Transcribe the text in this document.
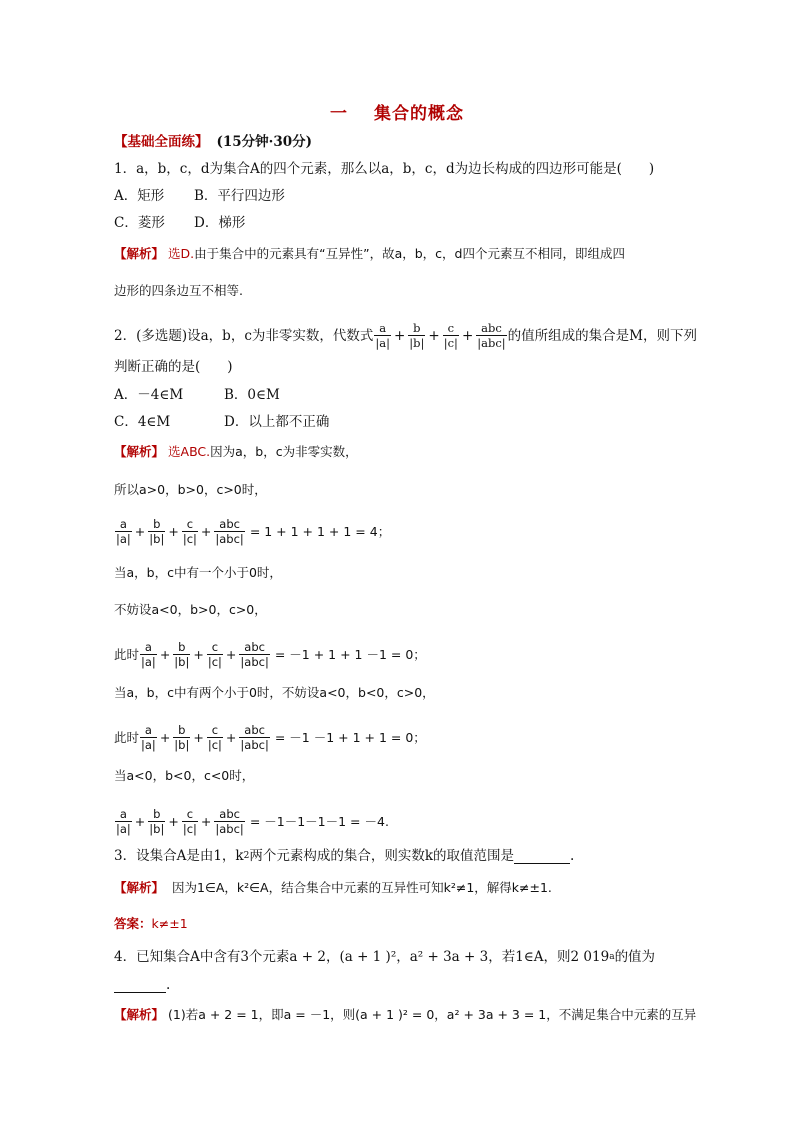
一 集合的概念
【基础全面练】 (15分钟·30分)
1．a，b，c，d为集合A的四个元素，那么以a，b，c，d为边长构成的四边形可能是(　　)
A．矩形	B．平行四边形
C．菱形	D．梯形
【解析】 选D. 由于集合中的元素具有“互异性”，故a，b，c，d四个元素互不相同，即组成四
边形的四条边互不相等.
2．(多选题)设a，b，c为非零实数，代数式 $\frac{a}{|a|} + \frac{b}{|b|} + \frac{c}{|c|} + \frac{\text{abc}}{\text{|abc|}}$ 的值所组成的集合是M，则下列
判断正确的是(　　)
A．－4∈M	B．0∈M
C．4∈M	D．以上都不正确
【解析】 选ABC. 因为a，b，c为非零实数，
所以a>0，b>0，c>0时，
$\frac{a}{|a|} + \frac{b}{|b|} + \frac{c}{|c|} + \frac{\text{abc}}{\text{|abc|}} = 1 + 1 + 1 + 1 = 4$；
当a，b，c中有一个小于0时，
不妨设a<0，b>0，c>0，
此时 $\frac{a}{|a|} + \frac{b}{|b|} + \frac{c}{|c|} + \frac{\text{abc}}{\text{|abc|}} = -1 + 1 + 1 -1 = 0$；
当a，b，c中有两个小于0时，不妨设a<0，b<0，c>0，
此时 $\frac{a}{|a|} + \frac{b}{|b|} + \frac{c}{|c|} + \frac{\text{abc}}{\text{|abc|}} = -1 -1 + 1 + 1 = 0$；
当a<0，b<0，c<0时，
$\frac{a}{|a|} + \frac{b}{|b|} + \frac{c}{|c|} + \frac{\text{abc}}{\text{|abc|}} = -1-1-1-1 = -4$.
3．设集合A是由1，k 2 两个元素构成的集合，则实数k的取值范围是	.
【解析】 因为1∈A，k²∈A，结合集合中元素的互异性可知k²≠1，解得k≠±1.
答案： k≠±1
4．已知集合A中含有3个元素a + 2，(a + 1 )²，a² + 3a + 3，若1∈A，则2 019 a 的值为
.
【解析】 (1)若a + 2 = 1，即a = －1，则(a + 1 )² = 0，a² + 3a + 3 = 1，不满足集合中元素的互异
